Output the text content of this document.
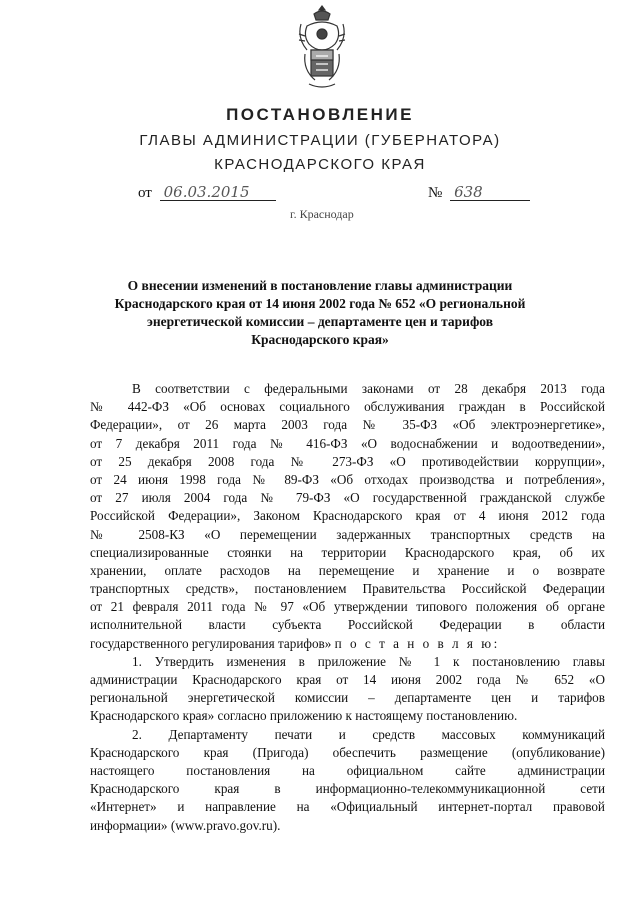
ПОСТАНОВЛЕНИЕ
ГЛАВЫ АДМИНИСТРАЦИИ (ГУБЕРНАТОРА)
КРАСНОДАРСКОГО КРАЯ
от 06.03.2015	№ 638
г. Краснодар
О внесении изменений в постановление главы администрации
Краснодарского края от 14 июня 2002 года № 652 «О региональной
энергетической комиссии – департаменте цен и тарифов
Краснодарского края»
В соответствии с федеральными законами от 28 декабря 2013 года
№ 442-ФЗ «Об основах социального обслуживания граждан в Российской
Федерации», от 26 марта 2003 года № 35-ФЗ «Об электроэнергетике»,
от 7 декабря 2011 года № 416-ФЗ «О водоснабжении и водоотведении»,
от 25 декабря 2008 года № 273-ФЗ «О противодействии коррупции»,
от 24 июня 1998 года № 89-ФЗ «Об отходах производства и потребления»,
от 27 июля 2004 года № 79-ФЗ «О государственной гражданской службе
Российской Федерации», Законом Краснодарского края от 4 июня 2012 года
№ 2508-КЗ «О перемещении задержанных транспортных средств на
специализированные стоянки на территории Краснодарского края, об их
хранении, оплате расходов на перемещение и хранение и о возврате
транспортных средств», постановлением Правительства Российской Федерации
от 21 февраля 2011 года № 97 «Об утверждении типового положения об органе
исполнительной власти субъекта Российской Федерации в области
государственного регулирования тарифов» п о с т а н о в л я ю:
1. Утвердить изменения в приложение № 1 к постановлению главы
администрации Краснодарского края от 14 июня 2002 года № 652 «О
региональной энергетической комиссии – департаменте цен и тарифов
Краснодарского края» согласно приложению к настоящему постановлению.
2. Департаменту печати и средств массовых коммуникаций
Краснодарского края (Пригода) обеспечить размещение (опубликование)
настоящего постановления на официальном сайте администрации
Краснодарского края в информационно-телекоммуникационной сети
«Интернет» и направление на «Официальный интернет-портал правовой
информации» (www.pravo.gov.ru).
